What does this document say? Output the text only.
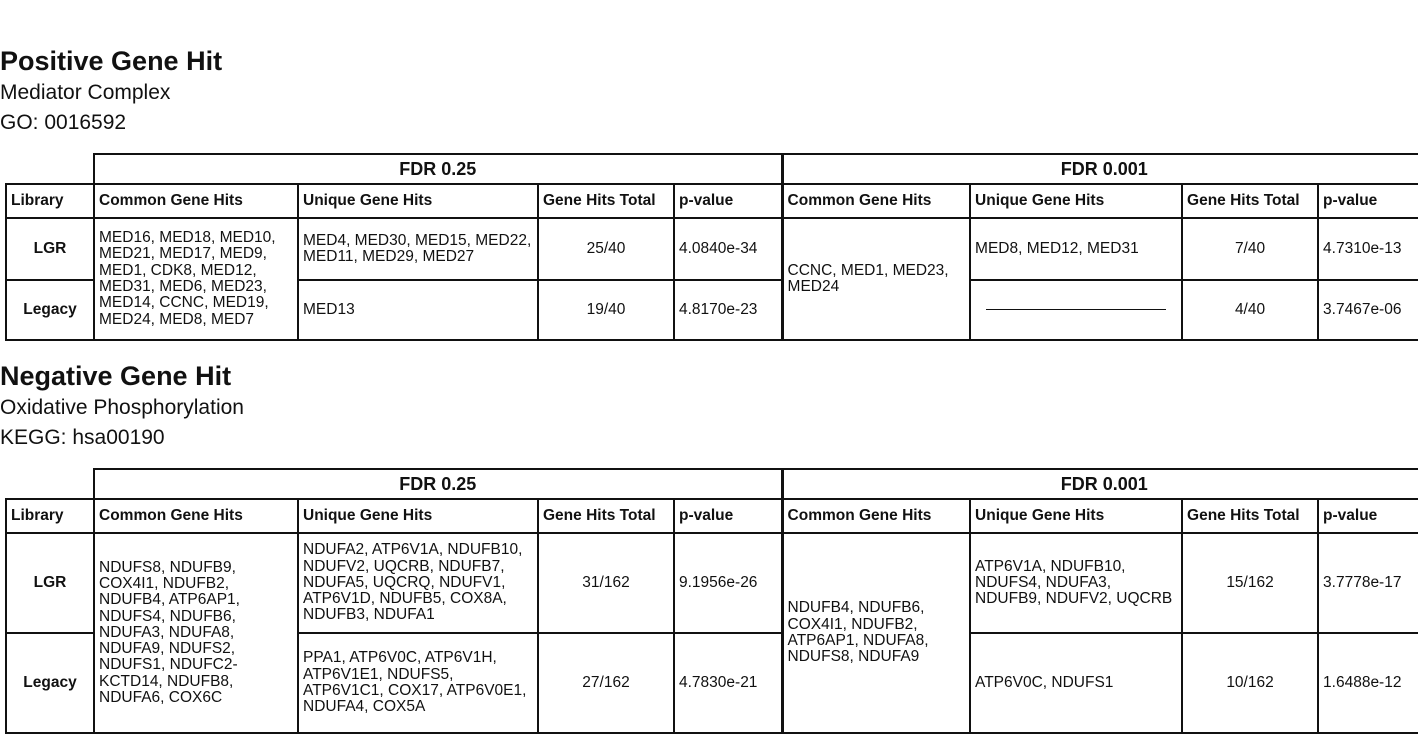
Positive Gene Hit
Mediator Complex
GO: 0016592
	FDR 0.25				FDR 0.001			
Library	Common Gene Hits	Unique Gene Hits	Gene Hits Total	p-value	Common Gene Hits	Unique Gene Hits	Gene Hits Total	p-value
LGR	MED16, MED18, MED10, MED21, MED17, MED9, MED1, CDK8, MED12, MED31, MED6, MED23, MED14, CCNC, MED19, MED24, MED8, MED7	MED4, MED30, MED15, MED22, MED11, MED29, MED27	25/40	4.0840e-34	CCNC, MED1, MED23, MED24	MED8, MED12, MED31	7/40	4.7310e-13
Legacy		MED13	19/40	4.8170e-23			4/40	3.7467e-06
Negative Gene Hit
Oxidative Phosphorylation
KEGG: hsa00190
	FDR 0.25				FDR 0.001			
Library	Common Gene Hits	Unique Gene Hits	Gene Hits Total	p-value	Common Gene Hits	Unique Gene Hits	Gene Hits Total	p-value
LGR	NDUFS8, NDUFB9, COX4I1, NDUFB2, NDUFB4, ATP6AP1, NDUFS4, NDUFB6, NDUFA3, NDUFA8, NDUFA9, NDUFS2, NDUFS1, NDUFC2-KCTD14, NDUFB8, NDUFA6, COX6C	NDUFA2, ATP6V1A, NDUFB10, NDUFV2, UQCRB, NDUFB7, NDUFA5, UQCRQ, NDUFV1, ATP6V1D, NDUFB5, COX8A, NDUFB3, NDUFA1	31/162	9.1956e-26	NDUFB4, NDUFB6, COX4I1, NDUFB2, ATP6AP1, NDUFA8, NDUFS8, NDUFA9	ATP6V1A, NDUFB10, NDUFS4, NDUFA3, NDUFB9, NDUFV2, UQCRB	15/162	3.7778e-17
Legacy		PPA1, ATP6V0C, ATP6V1H, ATP6V1E1, NDUFS5, ATP6V1C1, COX17, ATP6V0E1, NDUFA4, COX5A	27/162	4.7830e-21		ATP6V0C, NDUFS1	10/162	1.6488e-12
